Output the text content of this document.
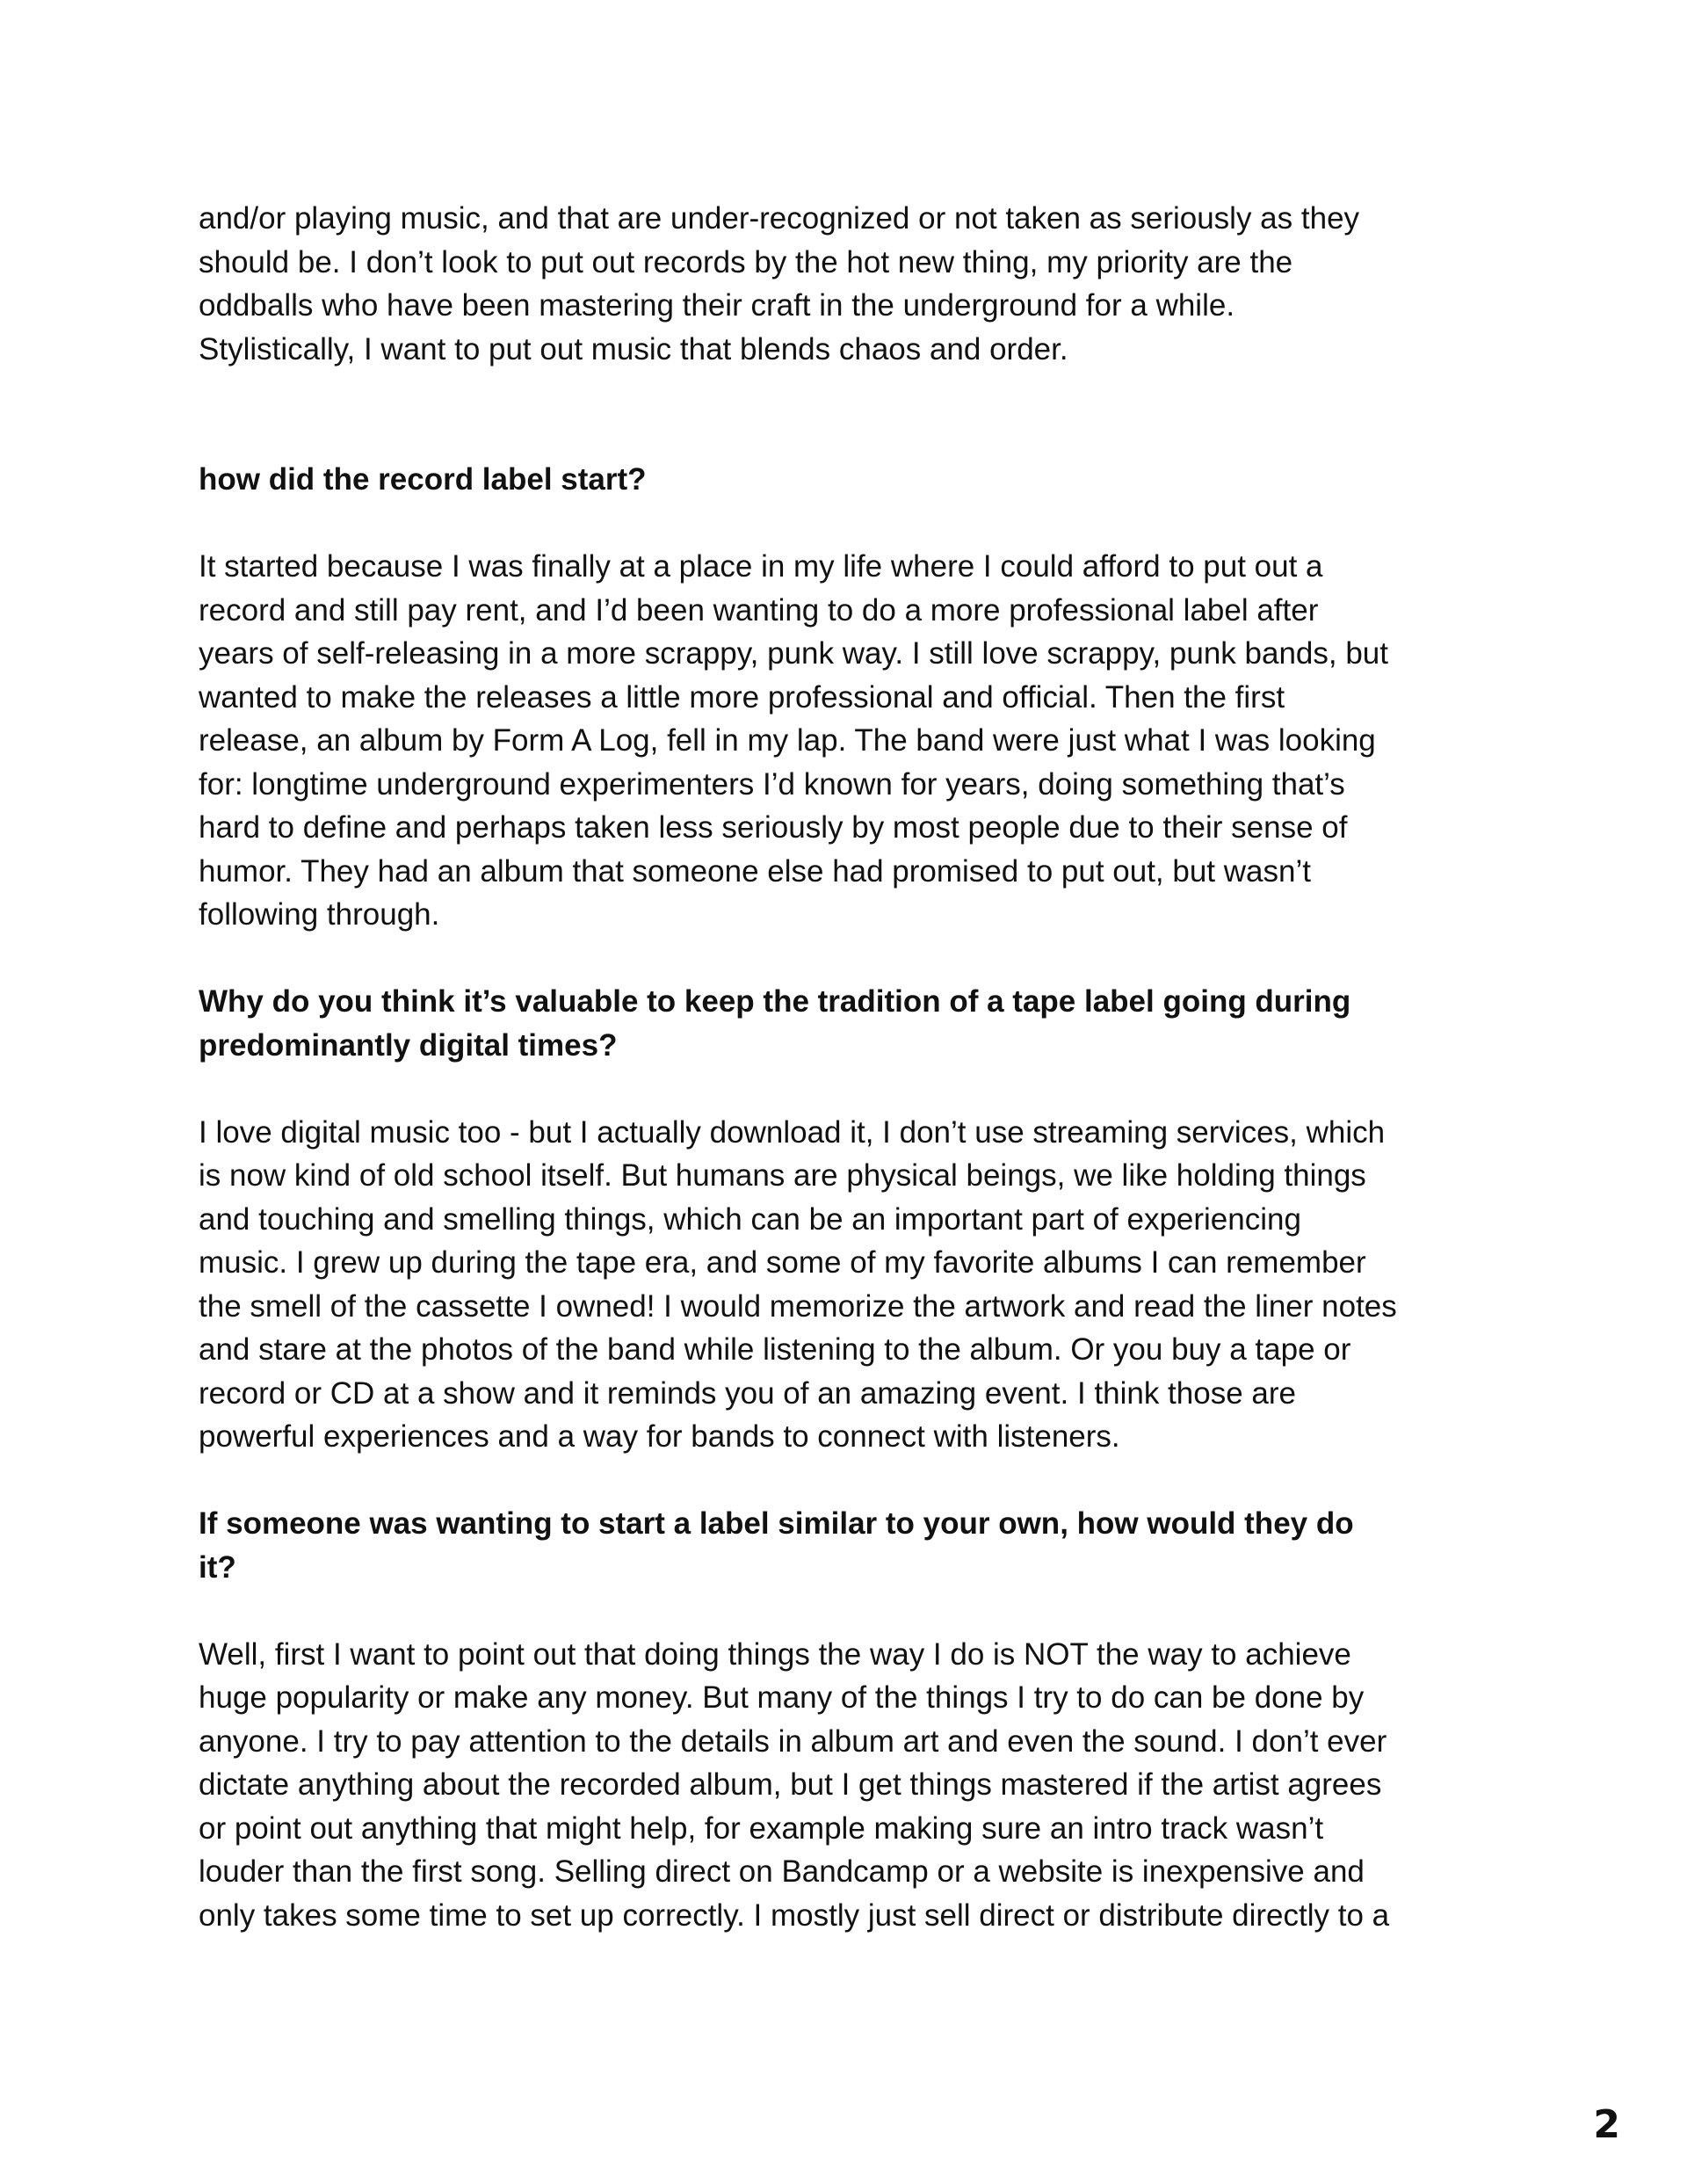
and/or playing music, and that are under-recognized or not taken as seriously as they
should be. I don’t look to put out records by the hot new thing, my priority are the
oddballs who have been mastering their craft in the underground for a while.
Stylistically, I want to put out music that blends chaos and order.

how did the record label start?

It started because I was finally at a place in my life where I could afford to put out a
record and still pay rent, and I’d been wanting to do a more professional label after
years of self-releasing in a more scrappy, punk way. I still love scrappy, punk bands, but
wanted to make the releases a little more professional and official. Then the first
release, an album by Form A Log, fell in my lap. The band were just what I was looking
for: longtime underground experimenters I’d known for years, doing something that’s
hard to define and perhaps taken less seriously by most people due to their sense of
humor. They had an album that someone else had promised to put out, but wasn’t
following through.

Why do you think it’s valuable to keep the tradition of a tape label going during
predominantly digital times?

I love digital music too - but I actually download it, I don’t use streaming services, which
is now kind of old school itself. But humans are physical beings, we like holding things
and touching and smelling things, which can be an important part of experiencing
music. I grew up during the tape era, and some of my favorite albums I can remember
the smell of the cassette I owned! I would memorize the artwork and read the liner notes
and stare at the photos of the band while listening to the album. Or you buy a tape or
record or CD at a show and it reminds you of an amazing event. I think those are
powerful experiences and a way for bands to connect with listeners.

If someone was wanting to start a label similar to your own, how would they do
it?

Well, first I want to point out that doing things the way I do is NOT the way to achieve
huge popularity or make any money. But many of the things I try to do can be done by
anyone. I try to pay attention to the details in album art and even the sound. I don’t ever
dictate anything about the recorded album, but I get things mastered if the artist agrees
or point out anything that might help, for example making sure an intro track wasn’t
louder than the first song. Selling direct on Bandcamp or a website is inexpensive and
only takes some time to set up correctly. I mostly just sell direct or distribute directly to a

2
